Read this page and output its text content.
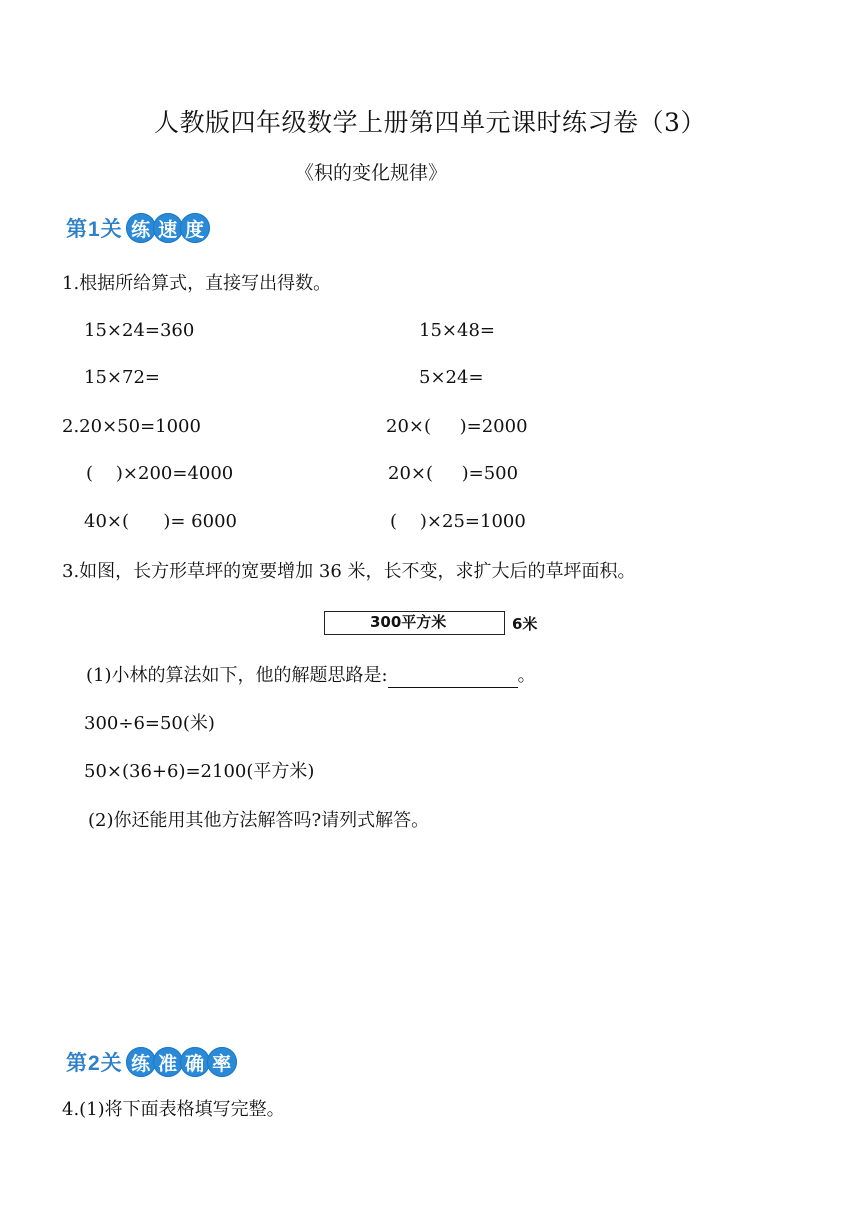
人教版四年级数学上册第四单元课时练习卷（3）
《积的变化规律》
第1关 练 速 度
1.根据所给算式，直接写出得数。
15×24=360	15×48=
15×72=	5×24=
2.20×50=1000	20×(     )=2000
(    )×200=4000	20×(     )=500
40×(      )= 6000	(    )×25=1000
3.如图，长方形草坪的宽要增加 36 米，长不变，求扩大后的草坪面积。
300平方米	6米
(1)小林的算法如下，他的解题思路是:	。
300÷6=50(米)
50×(36+6)=2100(平方米)
(2)你还能用其他方法解答吗?请列式解答。
第2关 练 准 确 率
4.(1)将下面表格填写完整。
